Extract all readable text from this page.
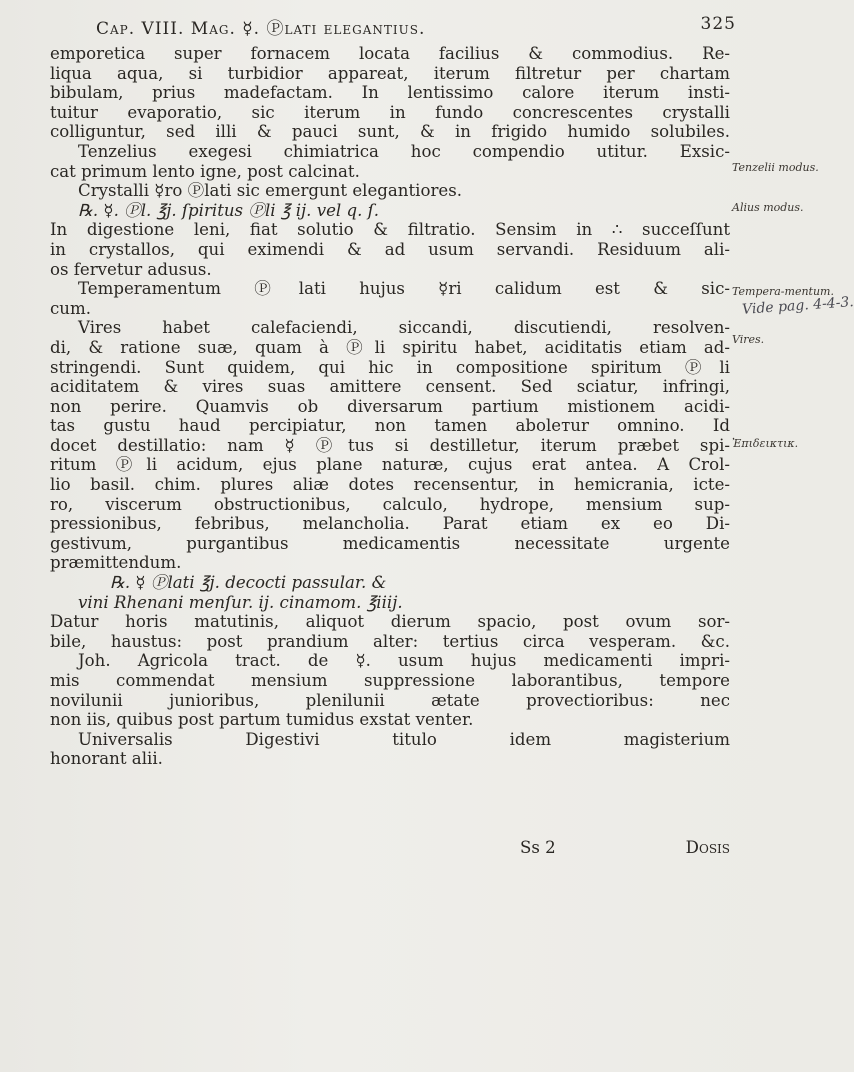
Cap. VIII. Mag. ☿. Ⓟlati elegantius.	325
emporetica super fornacem locata facilius & commodius. Re-
liqua aqua, si turbidior appareat, iterum filtretur per chartam
bibulam, prius madefactam. In lentissimo calore iterum insti-
tuitur evaporatio, sic iterum in fundo concrescentes crystalli
colliguntur, sed illi & pauci sunt, & in frigido humido solubiles.
Tenzelius exegesi chimiatrica hoc compendio utitur. Exsic-
cat primum lento igne, post calcinat.
Crystalli ☿ro Ⓟlati sic emergunt elegantiores.
℞. ☿. Ⓟl. ℥j. ſpiritus Ⓟli ℥ ij. vel q. ſ.
In digestione leni, fiat solutio & filtratio. Sensim in ∴ succeſſunt
in crystallos, qui eximendi & ad usum servandi. Residuum ali-
os fervetur adusus.
Temperamentum Ⓟlati hujus ☿ri calidum est & sic-
cum.
Vires habet calefaciendi, siccandi, discutiendi, resolven-
di, & ratione suæ, quam à Ⓟli spiritu habet, aciditatis etiam ad-
stringendi. Sunt quidem, qui hic in compositione spiritum Ⓟli
aciditatem & vires suas amittere censent. Sed sciatur, infringi,
non perire. Quamvis ob diversarum partium mistionem acidi-
tas gustu haud percipiatur, non tamen abolетur omnino. Id
docet destillatio: nam ☿ Ⓟtus si destilletur, iterum præbet spi-
ritum Ⓟli acidum, ejus plane naturæ, cujus erat antea. A Crol-
lio basil. chim. plures aliæ dotes recensentur, in hemicrania, icte-
ro, viscerum obstructionibus, calculo, hydrope, mensium sup-
pressionibus, febribus, melancholia. Parat etiam ex eo Di-
gestivum, purgantibus medicamentis necessitate urgente
præmittendum.
℞. ☿ Ⓟlati ℥j. decocti passular. &
vini Rhenani menſur. ij. cinamom. ℥iiij.
Datur horis matutinis, aliquot dierum spacio, post ovum sor-
bile, haustus: post prandium alter: tertius circa vesperam. &c.
Joh. Agricola tract. de ☿. usum hujus medicamenti impri-
mis commendat mensium suppressione laborantibus, tempore
novilunii junioribus, plenilunii ætate provectioribus: nec
non iis, quibus post partum tumidus exstat venter.
Universalis Digestivi titulo idem magisterium
honorant alii.
Tenzelii modus.
Alius modus.
Tempera-mentum.
Vires.
Ἐπιδεικτικ.
Vide pag. 4-4-3.
Ss 2	Dosis
